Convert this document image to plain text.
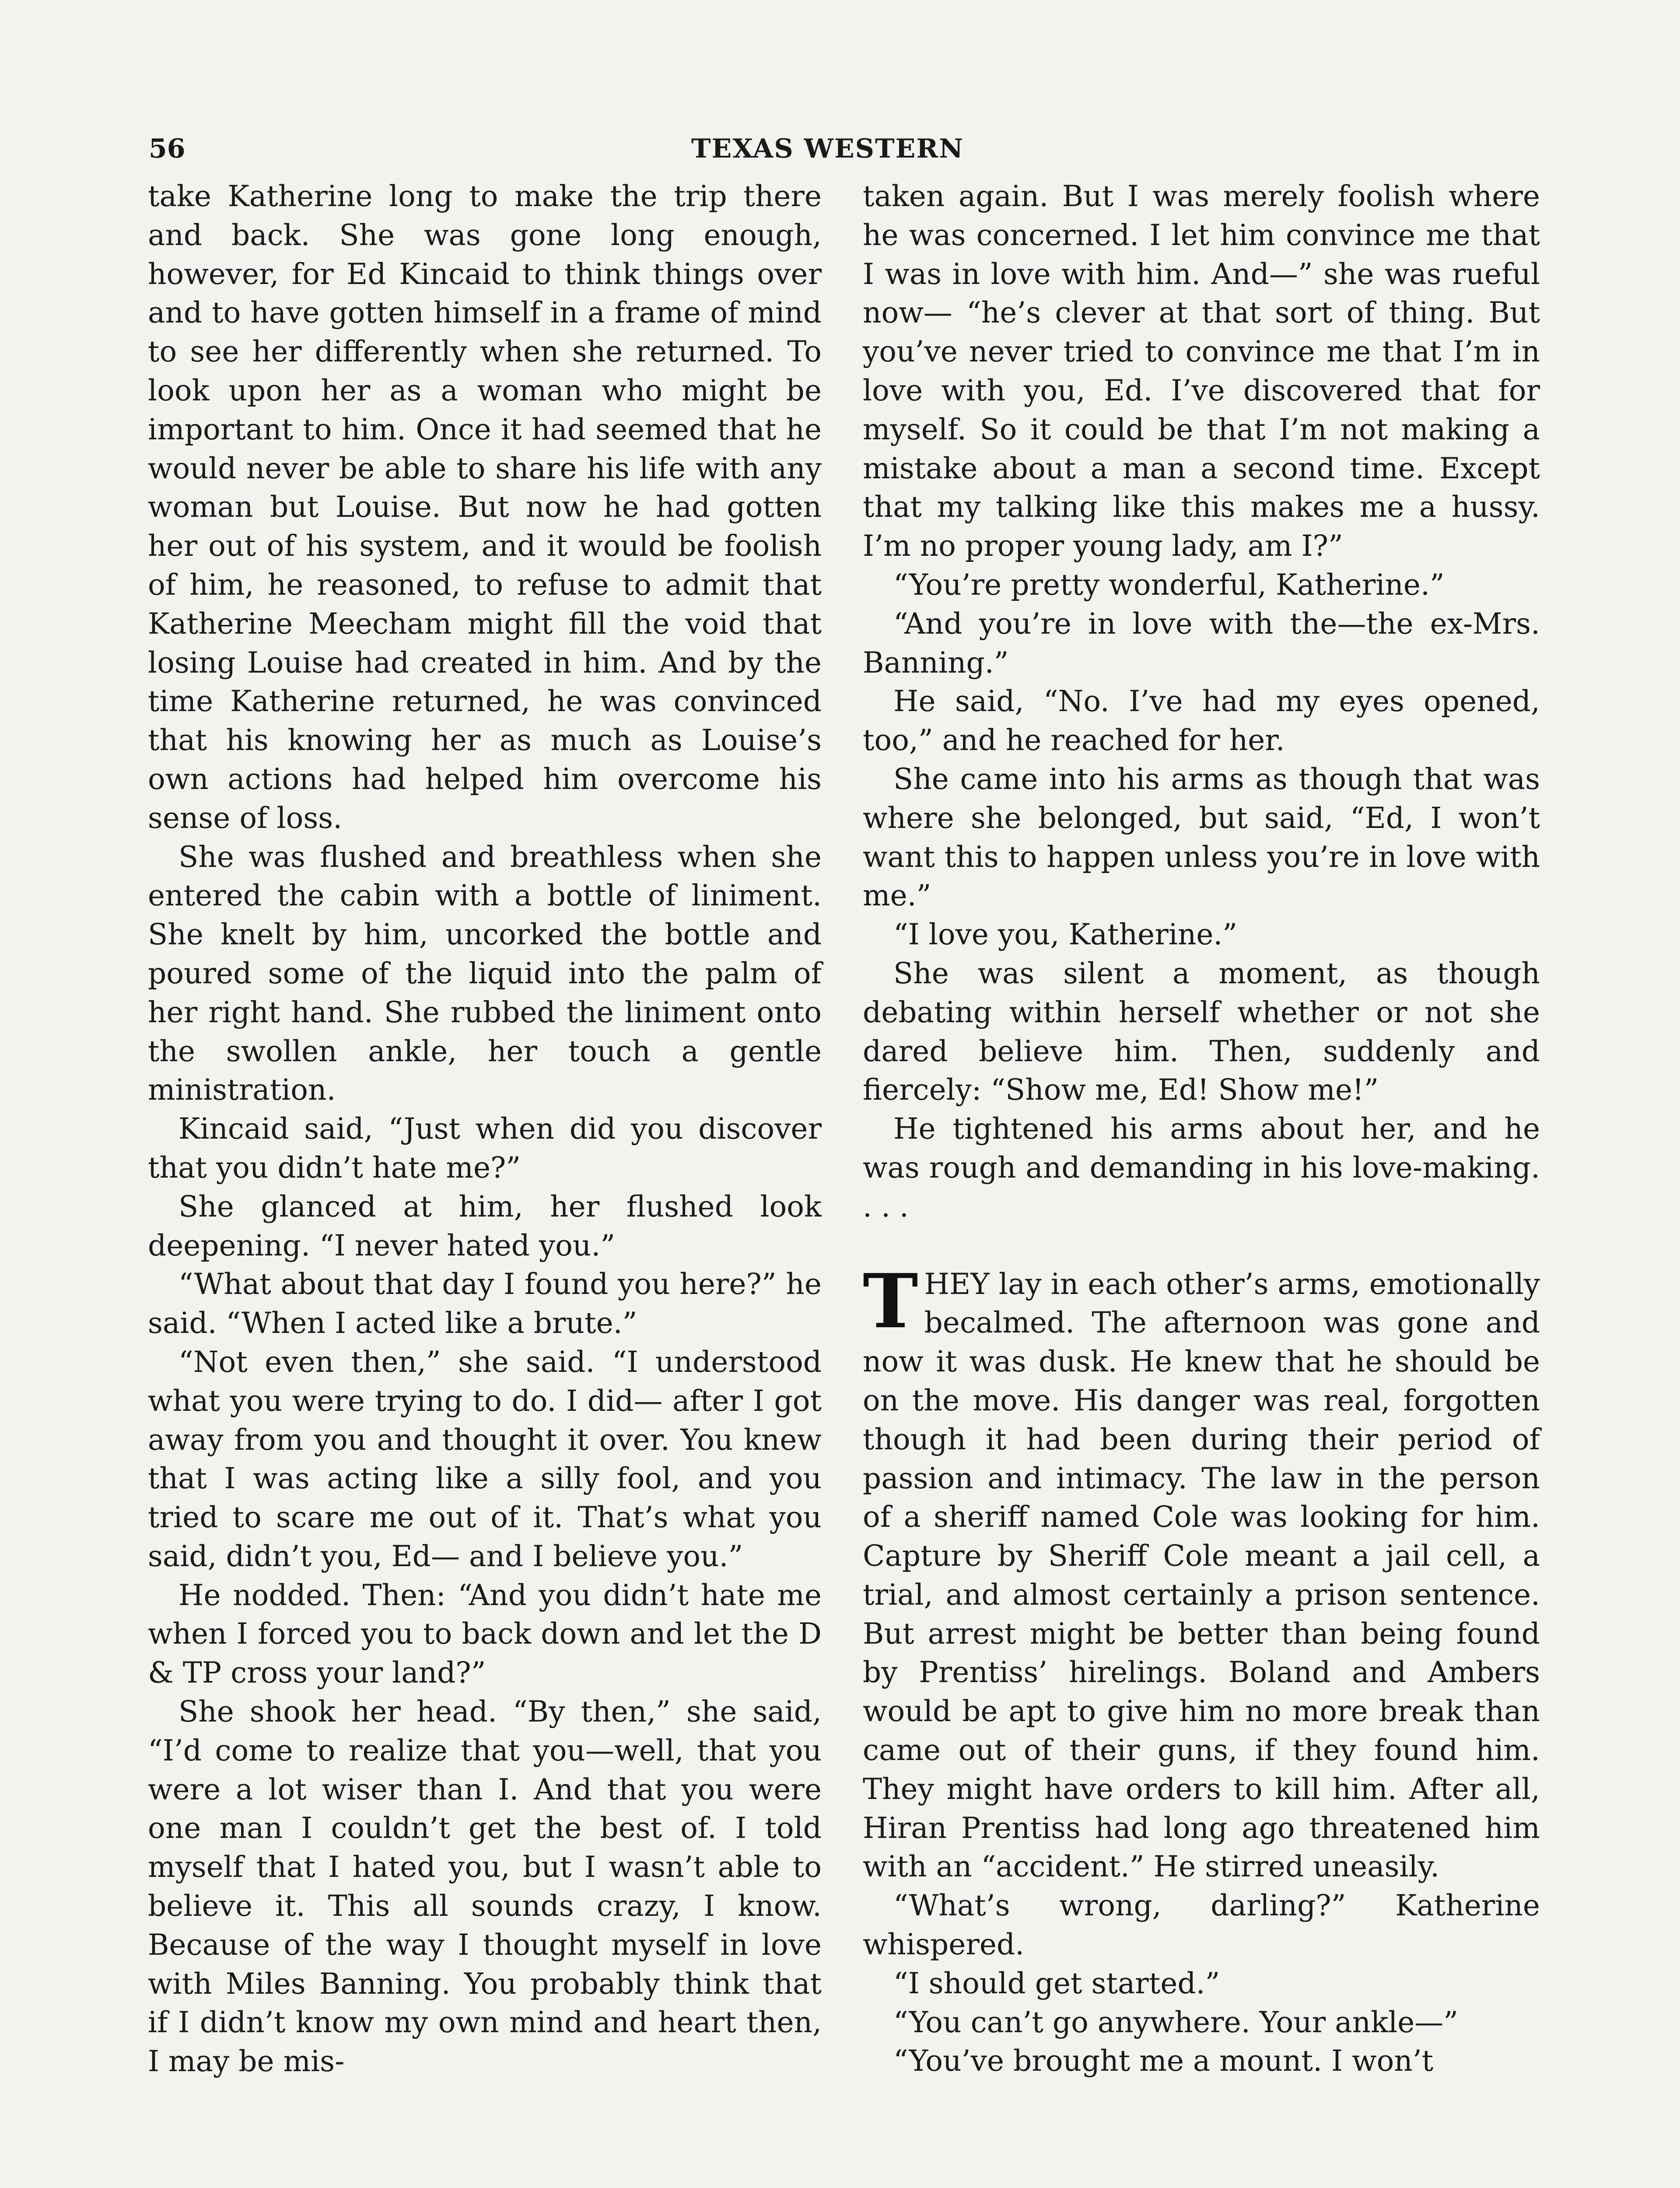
56	TEXAS WESTERN

take Katherine long to make the trip there and back. She was gone long enough, however, for Ed Kincaid to think things over and to have gotten himself in a frame of mind to see her differently when she returned. To look upon her as a woman who might be important to him. Once it had seemed that he would never be able to share his life with any woman but Louise. But now he had gotten her out of his system, and it would be foolish of him, he reasoned, to refuse to admit that Katherine Meecham might fill the void that losing Louise had created in him. And by the time Katherine returned, he was convinced that his knowing her as much as Louise’s own actions had helped him overcome his sense of loss.

She was flushed and breathless when she entered the cabin with a bottle of liniment. She knelt by him, uncorked the bottle and poured some of the liquid into the palm of her right hand. She rubbed the liniment onto the swollen ankle, her touch a gentle ministration.

Kincaid said, “Just when did you discover that you didn’t hate me?”

She glanced at him, her flushed look deepening. “I never hated you.”

“What about that day I found you here?” he said. “When I acted like a brute.”

“Not even then,” she said. “I understood what you were trying to do. I did— after I got away from you and thought it over. You knew that I was acting like a silly fool, and you tried to scare me out of it. That’s what you said, didn’t you, Ed— and I believe you.”

He nodded. Then: “And you didn’t hate me when I forced you to back down and let the D & TP cross your land?”

She shook her head. “By then,” she said, “I’d come to realize that you—well, that you were a lot wiser than I. And that you were one man I couldn’t get the best of. I told myself that I hated you, but I wasn’t able to believe it. This all sounds crazy, I know. Because of the way I thought myself in love with Miles Banning. You probably think that if I didn’t know my own mind and heart then, I may be mis-

taken again. But I was merely foolish where he was concerned. I let him convince me that I was in love with him. And—” she was rueful now— “he’s clever at that sort of thing. But you’ve never tried to convince me that I’m in love with you, Ed. I’ve discovered that for myself. So it could be that I’m not making a mistake about a man a second time. Except that my talking like this makes me a hussy. I’m no proper young lady, am I?”

“You’re pretty wonderful, Katherine.”

“And you’re in love with the—the ex-Mrs. Banning.”

He said, “No. I’ve had my eyes opened, too,” and he reached for her.

She came into his arms as though that was where she belonged, but said, “Ed, I won’t want this to happen unless you’re in love with me.”

“I love you, Katherine.”

She was silent a moment, as though debating within herself whether or not she dared believe him. Then, suddenly and fiercely: “Show me, Ed! Show me!”

He tightened his arms about her, and he was rough and demanding in his love-making. . . .

THEY lay in each other’s arms, emotionally becalmed. The afternoon was gone and now it was dusk. He knew that he should be on the move. His danger was real, forgotten though it had been during their period of passion and intimacy. The law in the person of a sheriff named Cole was looking for him. Capture by Sheriff Cole meant a jail cell, a trial, and almost certainly a prison sentence. But arrest might be better than being found by Prentiss’ hirelings. Boland and Ambers would be apt to give him no more break than came out of their guns, if they found him. They might have orders to kill him. After all, Hiran Prentiss had long ago threatened him with an “accident.” He stirred uneasily.

“What’s wrong, darling?” Katherine whispered.

“I should get started.”

“You can’t go anywhere. Your ankle—”

“You’ve brought me a mount. I won’t
